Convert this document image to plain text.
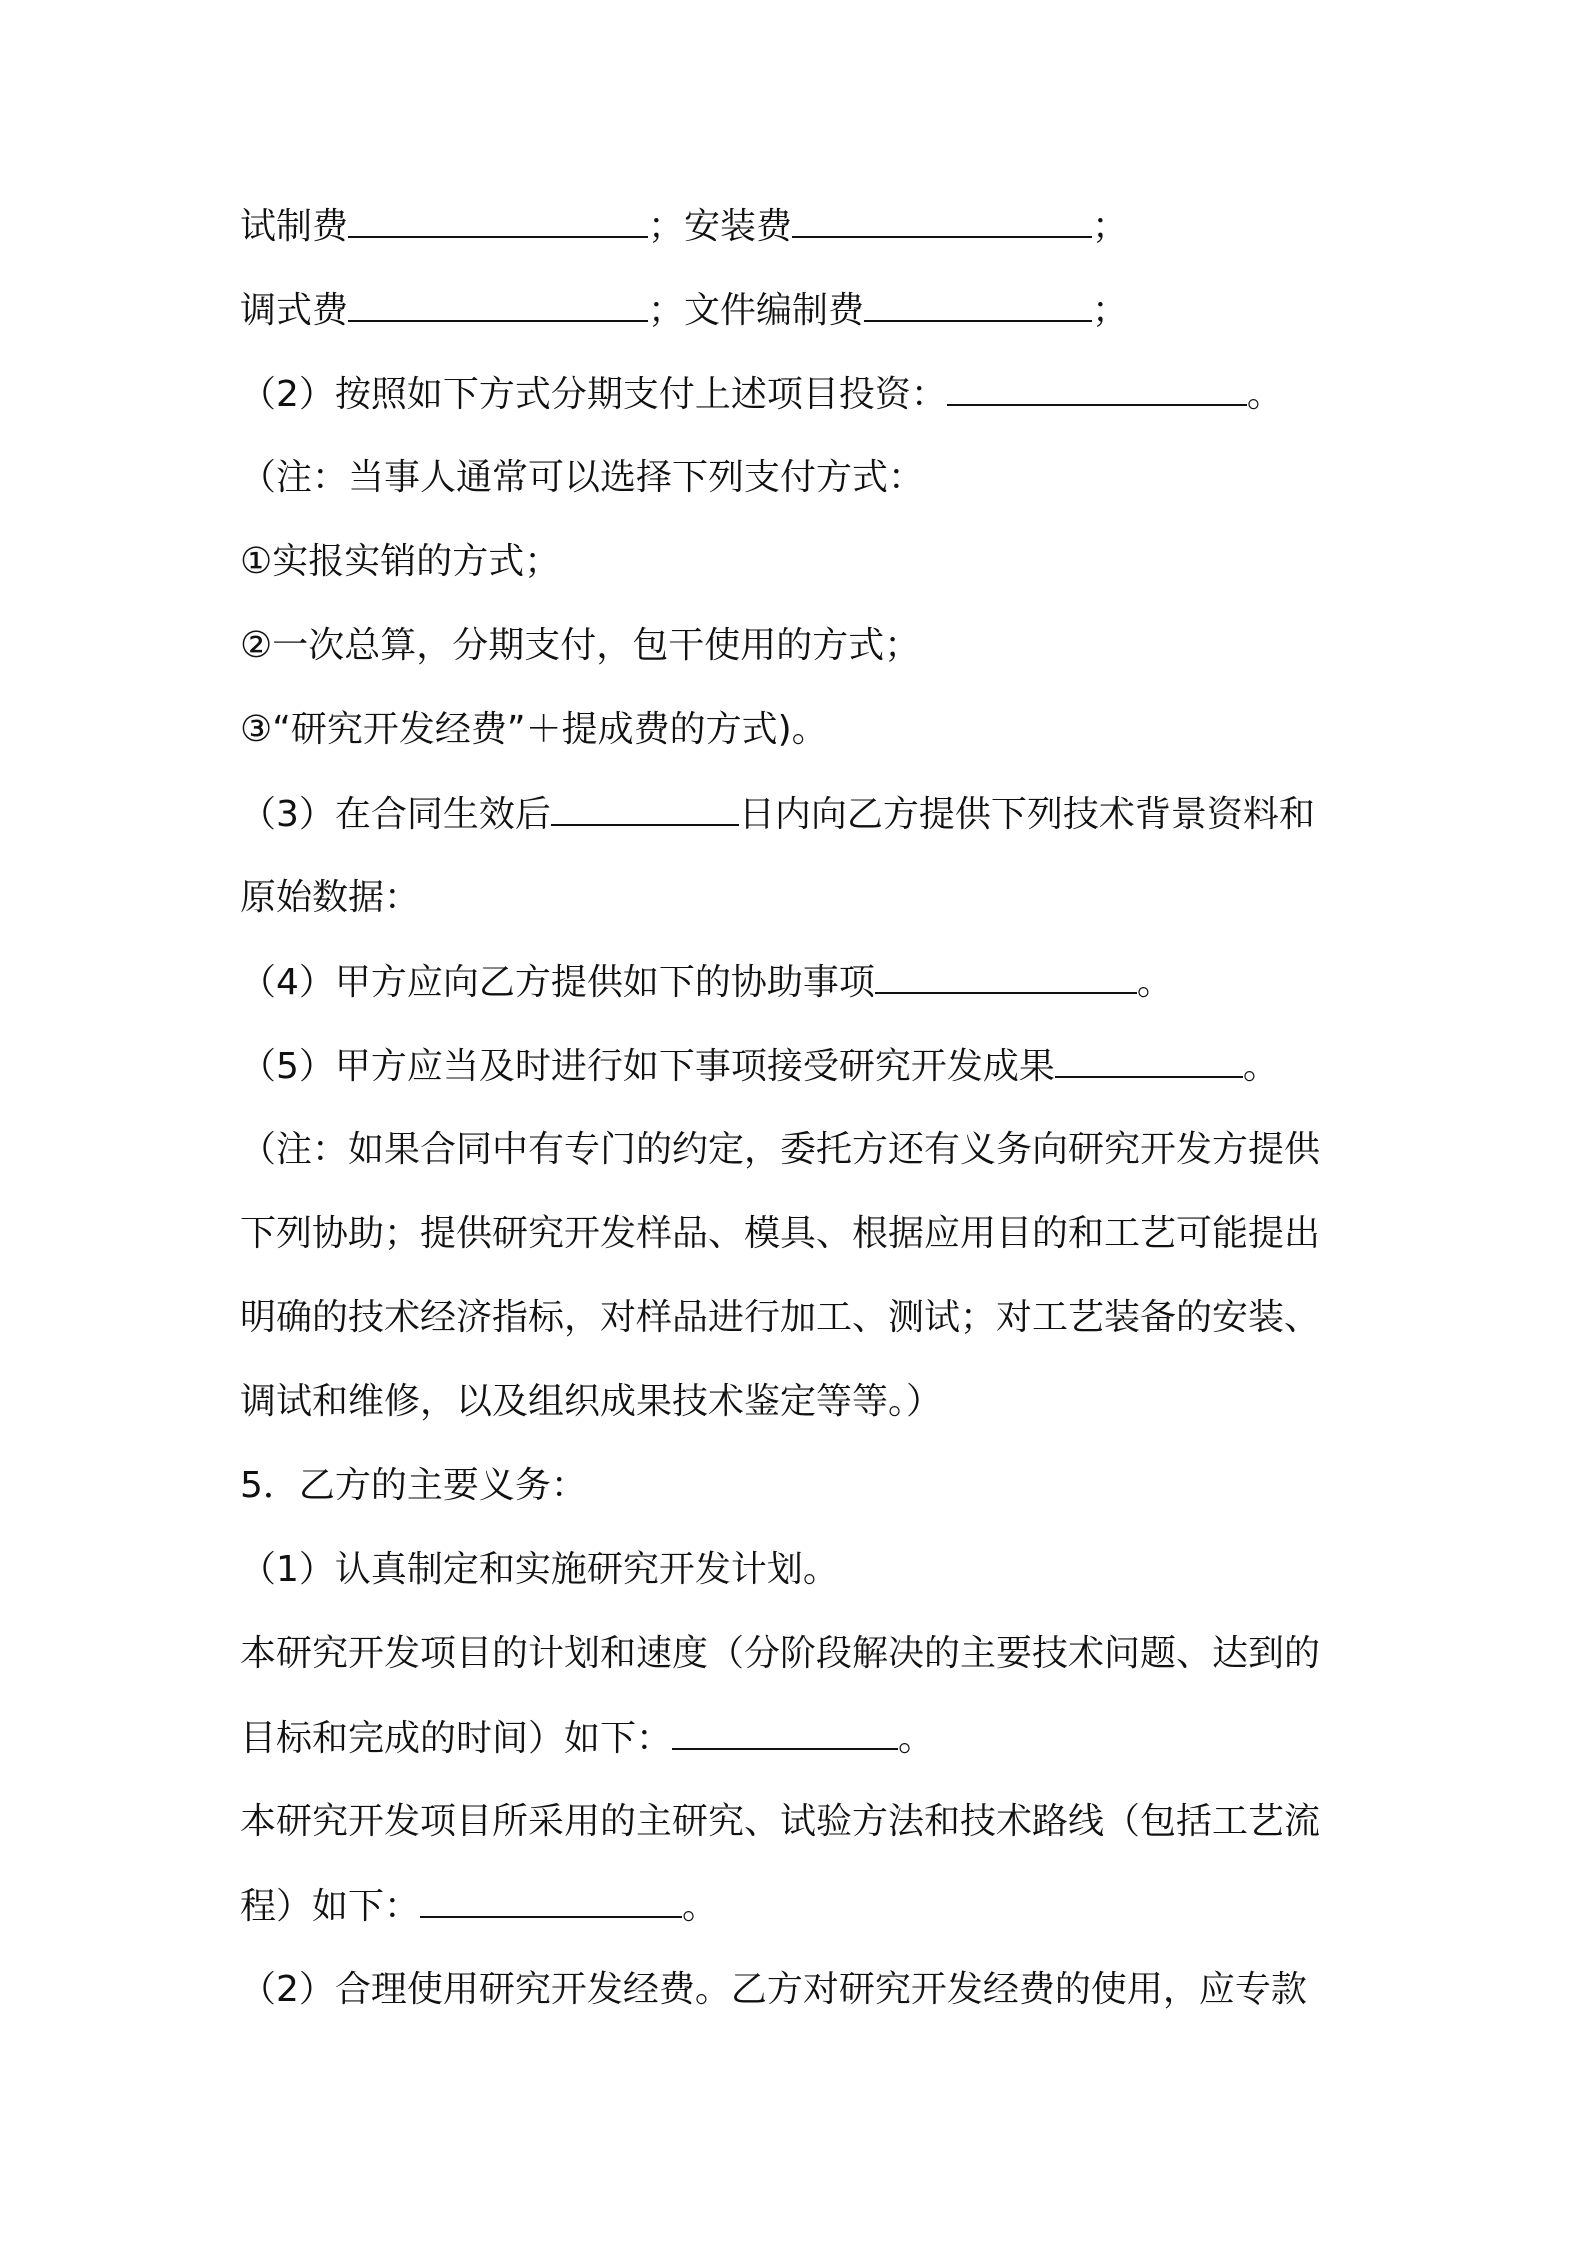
试制费	；安装费	；
调式费	；文件编制费	；
（2）按照如下方式分期支付上述项目投资：	。
（注：当事人通常可以选择下列支付方式：
①实报实销的方式；
②一次总算，分期支付，包干使用的方式；
③“研究开发经费”＋提成费的方式)。
（3）在合同生效后	日内向乙方提供下列技术背景资料和
原始数据：
（4）甲方应向乙方提供如下的协助事项	。
（5）甲方应当及时进行如下事项接受研究开发成果	。
（注：如果合同中有专门的约定，委托方还有义务向研究开发方提供
下列协助；提供研究开发样品、模具、根据应用目的和工艺可能提出
明确的技术经济指标，对样品进行加工、测试；对工艺装备的安装、
调试和维修，以及组织成果技术鉴定等等。）
5．乙方的主要义务：
（1）认真制定和实施研究开发计划。
本研究开发项目的计划和速度（分阶段解决的主要技术问题、达到的
目标和完成的时间）如下：	。
本研究开发项目所采用的主研究、试验方法和技术路线（包括工艺流
程）如下：	。
（2）合理使用研究开发经费。乙方对研究开发经费的使用，应专款
